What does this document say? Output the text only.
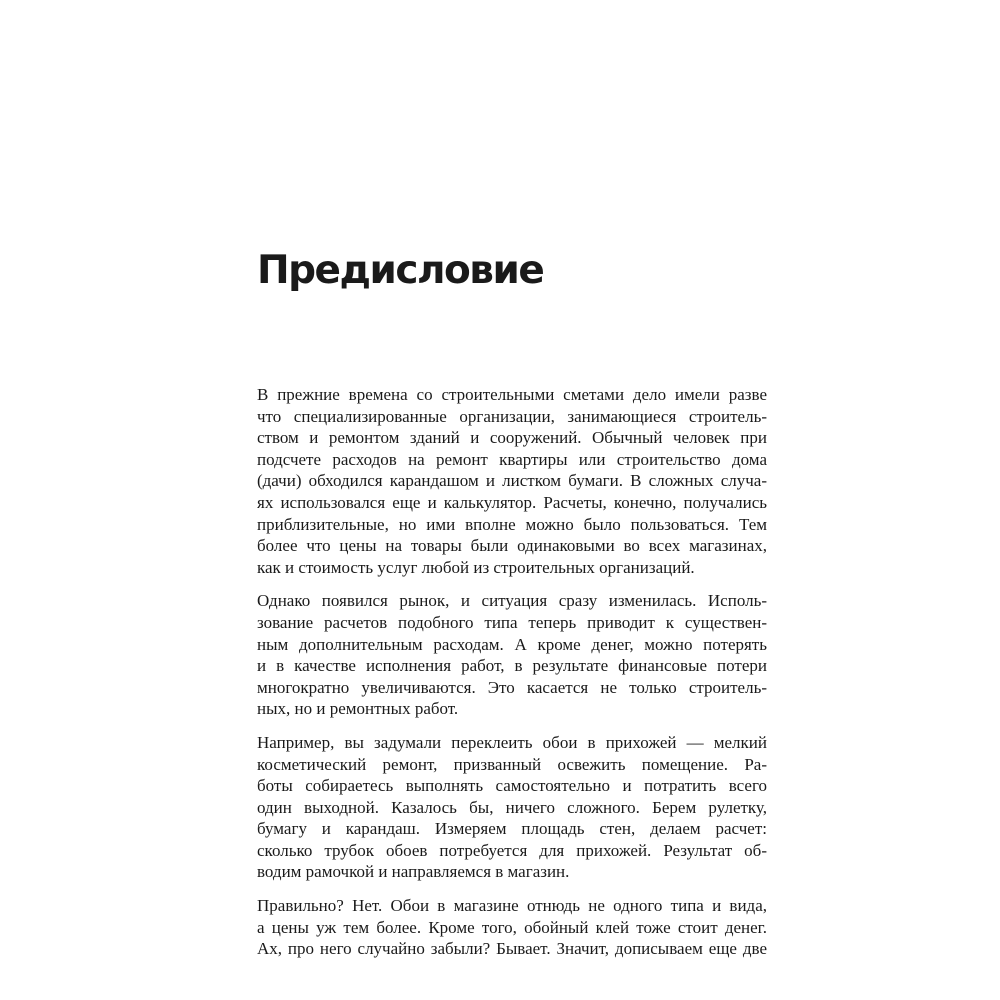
Предисловие

В прежние времена со строительными сметами дело имели разве
что специализированные организации, занимающиеся строитель-
ством и ремонтом зданий и сооружений. Обычный человек при
подсчете расходов на ремонт квартиры или строительство дома
(дачи) обходился карандашом и листком бумаги. В сложных случа-
ях использовался еще и калькулятор. Расчеты, конечно, получались
приблизительные, но ими вполне можно было пользоваться. Тем
более что цены на товары были одинаковыми во всех магазинах,
как и стоимость услуг любой из строительных организаций.

Однако появился рынок, и ситуация сразу изменилась. Исполь-
зование расчетов подобного типа теперь приводит к существен-
ным дополнительным расходам. А кроме денег, можно потерять
и в качестве исполнения работ, в результате финансовые потери
многократно увеличиваются. Это касается не только строитель-
ных, но и ремонтных работ.

Например, вы задумали переклеить обои в прихожей — мелкий
косметический ремонт, призванный освежить помещение. Ра-
боты собираетесь выполнять самостоятельно и потратить всего
один выходной. Казалось бы, ничего сложного. Берем рулетку,
бумагу и карандаш. Измеряем площадь стен, делаем расчет:
сколько трубок обоев потребуется для прихожей. Результат об-
водим рамочкой и направляемся в магазин.

Правильно? Нет. Обои в магазине отнюдь не одного типа и вида,
а цены уж тем более. Кроме того, обойный клей тоже стоит денег.
Ах, про него случайно забыли? Бывает. Значит, дописываем еще две
